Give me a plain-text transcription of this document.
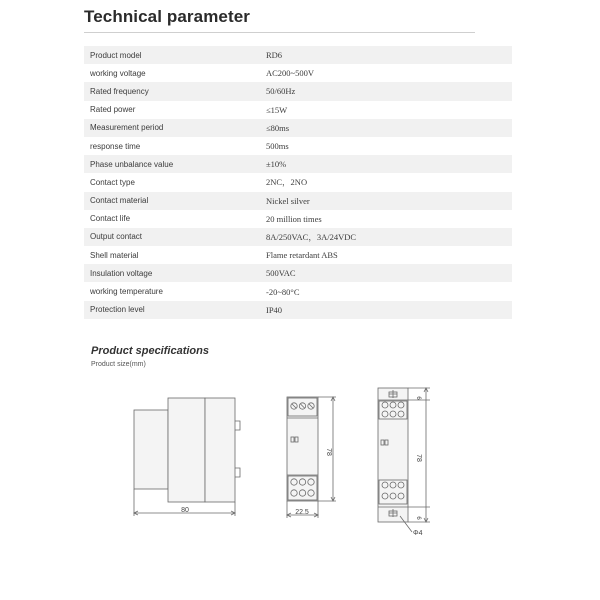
Technical parameter
Product model	RD6
working voltage	AC200~500V
Rated frequency	50/60Hz
Rated power	≤15W
Measurement period	≤80ms
response time	500ms
Phase unbalance value	±10%
Contact type	2NC，2NO
Contact material	Nickel silver
Contact life	20 million times
Output contact	8A/250VAC，3A/24VDC
Shell material	Flame retardant ABS
Insulation voltage	500VAC
working temperature	-20~80°C
Protection level	IP40
Product specifications
Product size(mm)
80	22.5
78
6
78
6
Φ4
